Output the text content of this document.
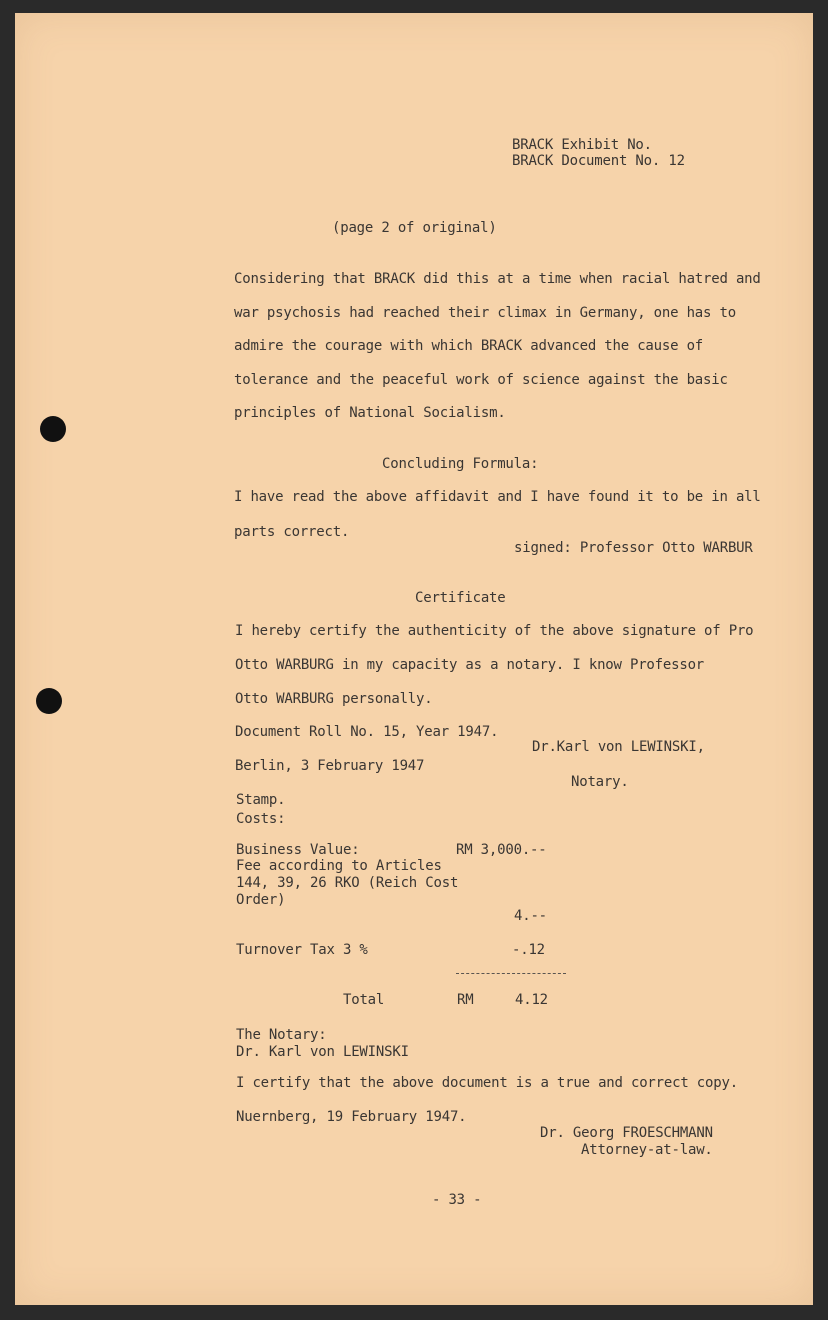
BRACK Exhibit No.
BRACK Document No. 12
(page 2 of original)
Considering that BRACK did this at a time when racial hatred and
war psychosis had reached their climax in Germany, one has to
admire the courage with which BRACK advanced the cause of
tolerance and the peaceful work of science against the basic
principles of National Socialism.
Concluding Formula:
I have read the above affidavit and I have found it to be in all
parts correct.
signed: Professor Otto WARBUR
Certificate
I hereby certify the authenticity of the above signature of Pro
Otto WARBURG in my capacity as a notary. I know Professor
Otto WARBURG personally.
Document Roll No. 15, Year 1947.
Dr.Karl von LEWINSKI,
Berlin, 3 February 1947
Notary.
Stamp.
Costs:
Business Value:	RM 3,000.--
Fee according to Articles
144, 39, 26 RKO (Reich Cost
Order)
4.--
Turnover Tax 3 %	-.12
Total	RM	4.12
The Notary:
Dr. Karl von LEWINSKI
I certify that the above document is a true and correct copy.
Nuernberg, 19 February 1947.
Dr. Georg FROESCHMANN
Attorney-at-law.
- 33 -
